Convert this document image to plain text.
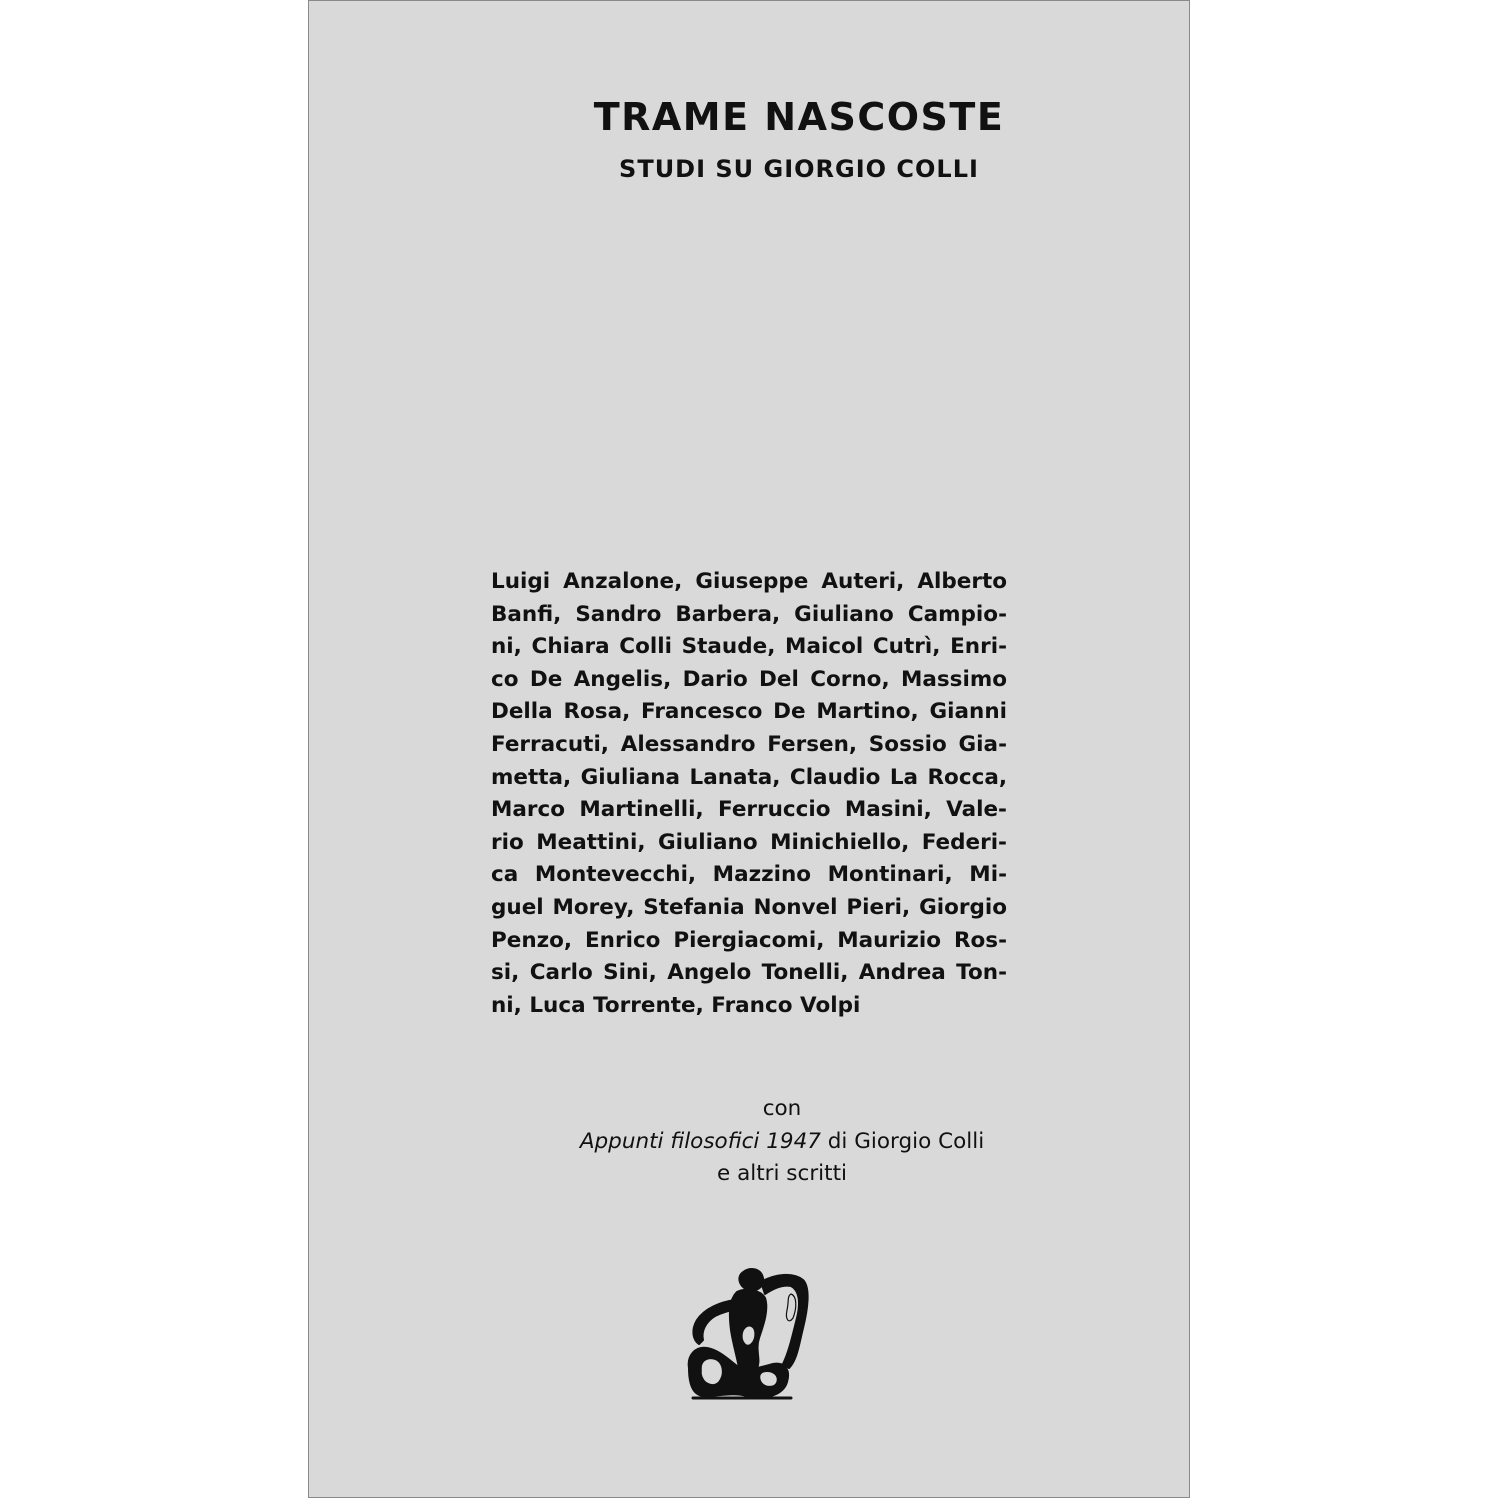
TRAME NASCOSTE
STUDI SU GIORGIO COLLI
Luigi Anzalone, Giuseppe Auteri, Alberto
Banfi, Sandro Barbera, Giuliano Campio-
ni, Chiara Colli Staude, Maicol Cutrì, Enri-
co De Angelis, Dario Del Corno, Massimo
Della Rosa, Francesco De Martino, Gianni
Ferracuti, Alessandro Fersen, Sossio Gia-
metta, Giuliana Lanata, Claudio La Rocca,
Marco Martinelli, Ferruccio Masini, Vale-
rio Meattini, Giuliano Minichiello, Federi-
ca Montevecchi, Mazzino Montinari, Mi-
guel Morey, Stefania Nonvel Pieri, Giorgio
Penzo, Enrico Piergiacomi, Maurizio Ros-
si, Carlo Sini, Angelo Tonelli, Andrea Ton-
ni, Luca Torrente, Franco Volpi
con
Appunti filosofici 1947 di Giorgio Colli
e altri scritti
